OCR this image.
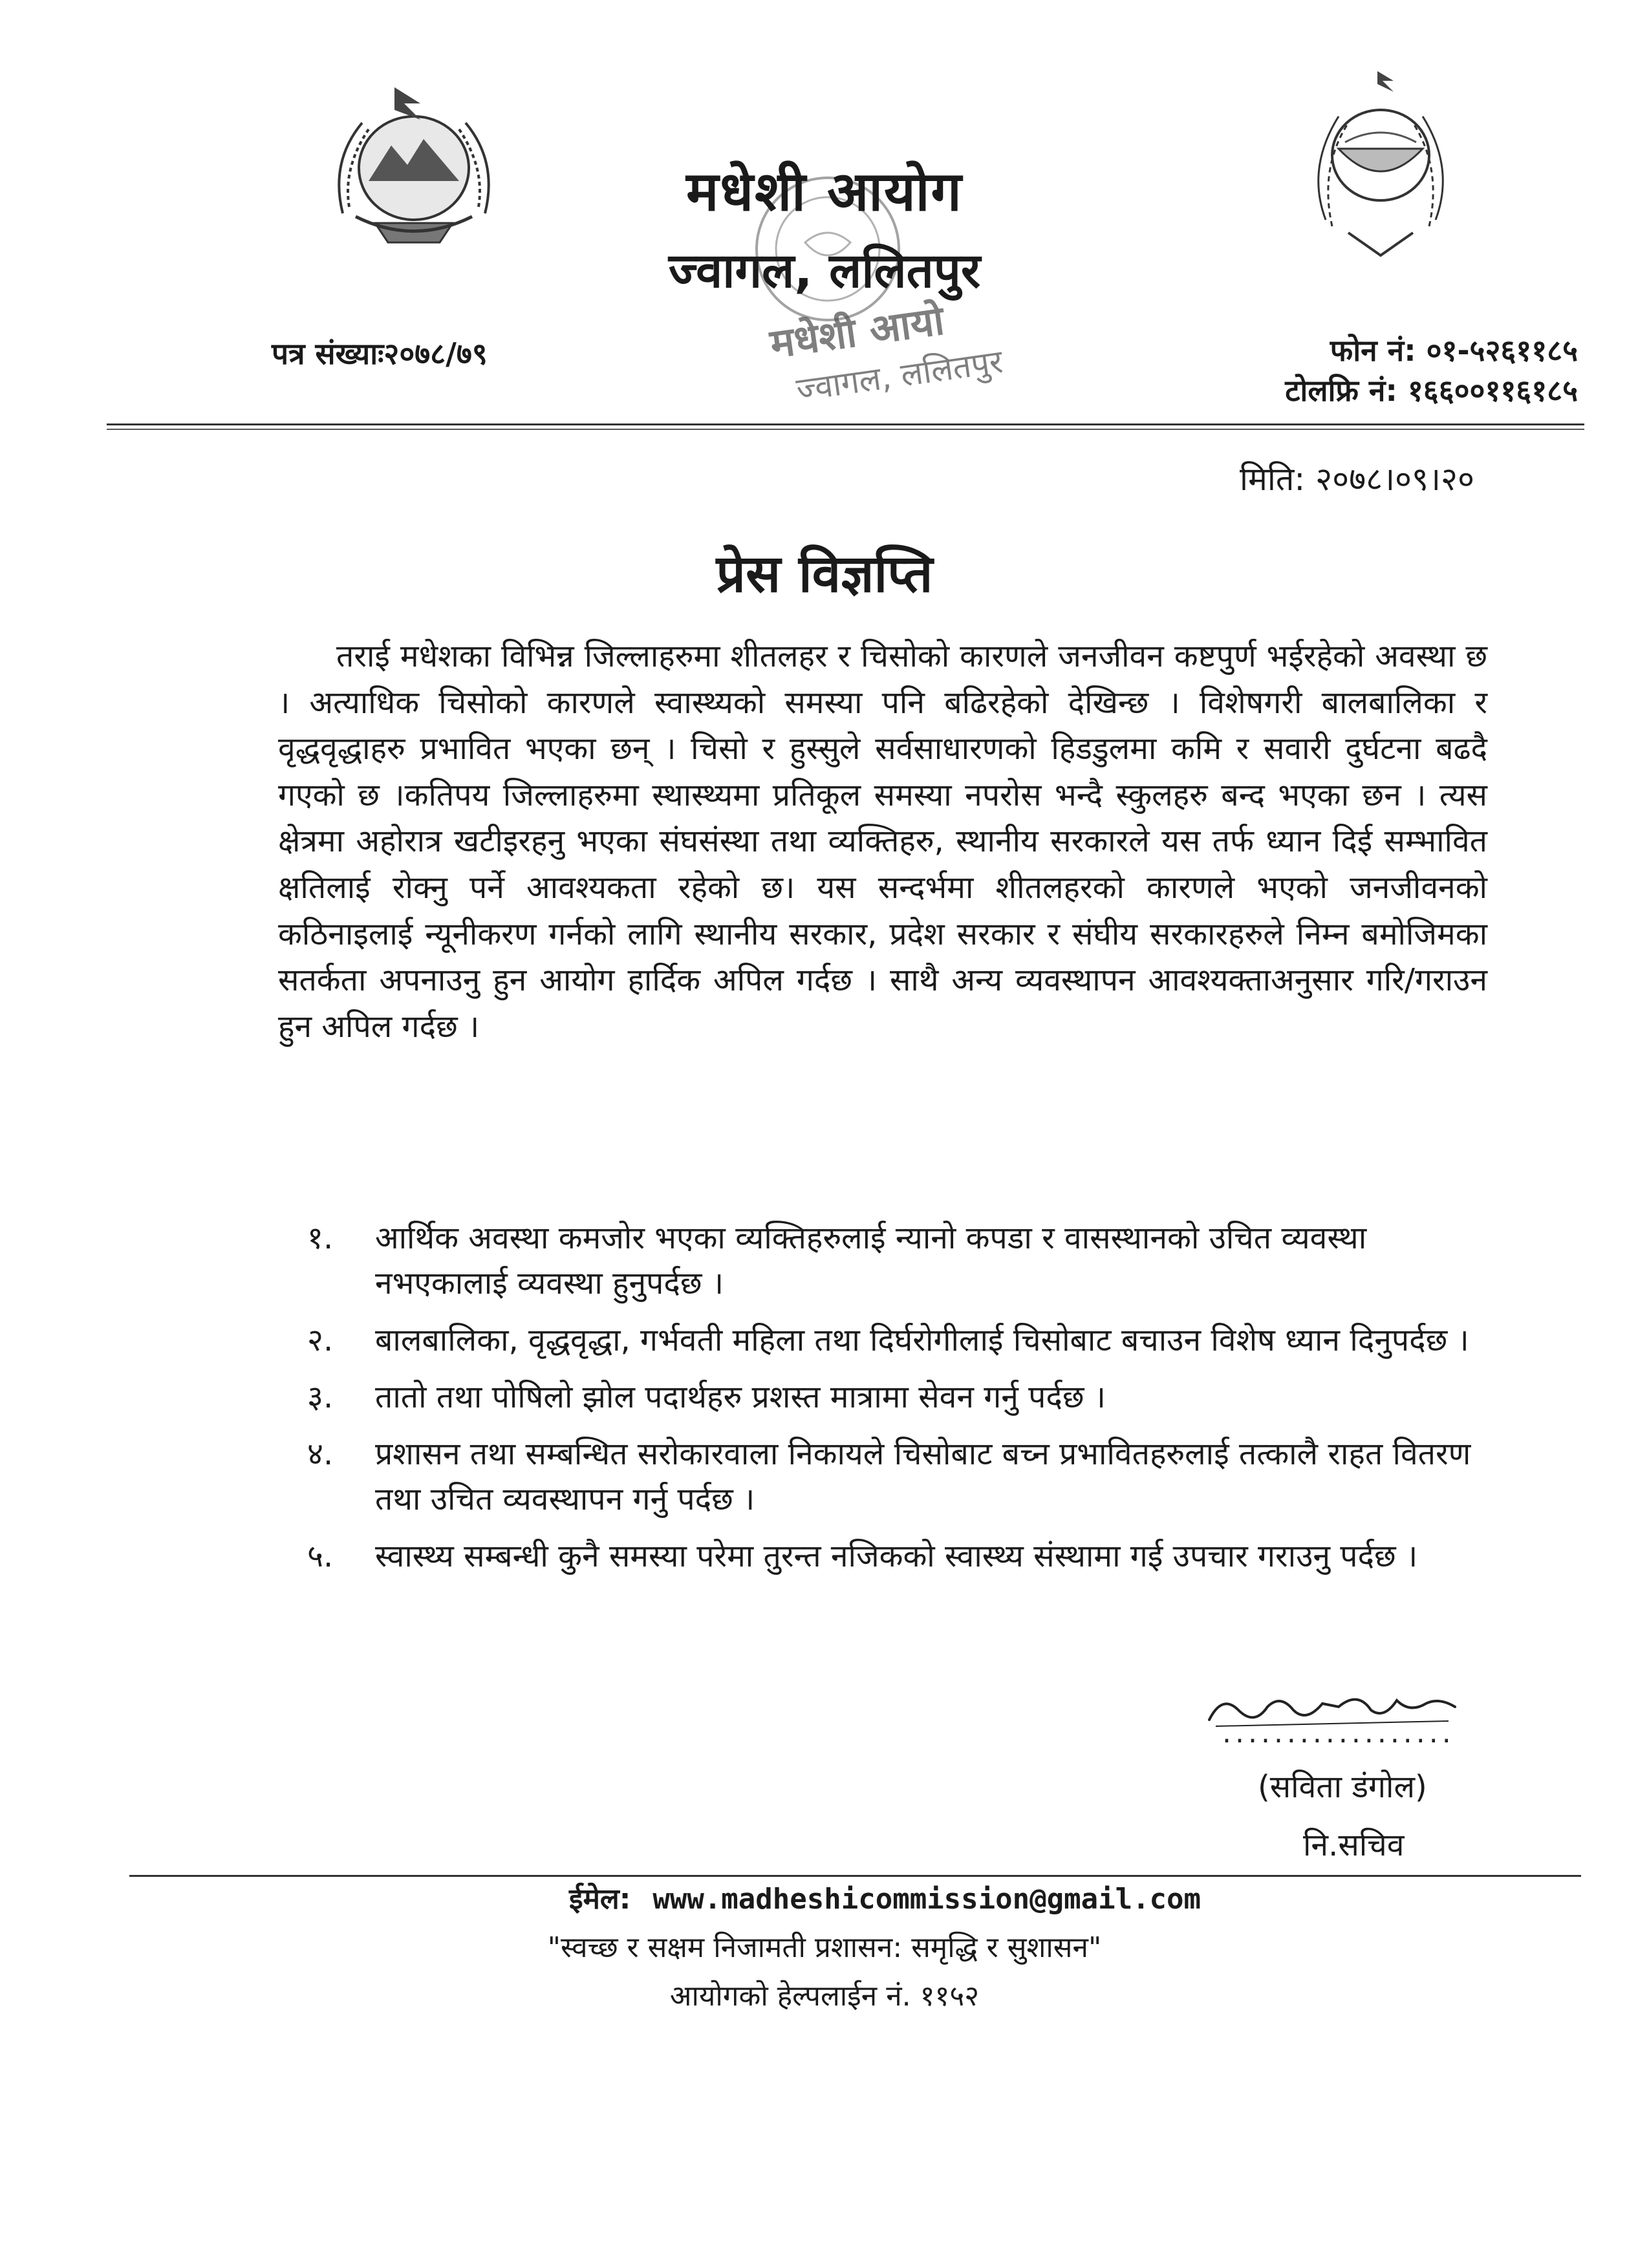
मधेशी आयो
ज्वागल, ललितपुर
मधेशी आयोग
ज्वागल, ललितपुर
पत्र संख्याः२०७८/७९	फोन नं: ०१-५२६११८५
टोलफ्रि नं: १६६००११६१८५
मिति: २०७८।०९।२०
प्रेस विज्ञप्ति

तराई मधेशका विभिन्न जिल्लाहरुमा शीतलहर र चिसोको कारणले जनजीवन कष्टपुर्ण भईरहेको अवस्था छ । अत्याधिक चिसोको कारणले स्वास्थ्यको समस्या पनि बढिरहेको देखिन्छ । विशेषगरी बालबालिका र वृद्धवृद्धाहरु प्रभावित भएका छन् । चिसो र हुस्सुले सर्वसाधारणको हिडडुलमा कमि र सवारी दुर्घटना बढदै गएको छ ।कतिपय जिल्लाहरुमा स्थास्थ्यमा प्रतिकूल समस्या नपरोस भन्दै स्कुलहरु बन्द भएका छन । त्यस क्षेत्रमा अहोरात्र खटीइरहनु भएका संघसंस्था तथा व्यक्तिहरु, स्थानीय सरकारले यस तर्फ ध्यान दिई सम्भावित क्षतिलाई रोक्नु पर्ने आवश्यकता रहेको छ। यस सन्दर्भमा शीतलहरको कारणले भएको जनजीवनको कठिनाइलाई न्यूनीकरण गर्नको लागि स्थानीय सरकार, प्रदेश सरकार र संघीय सरकारहरुले निम्न बमोजिमका सतर्कता अपनाउनु हुन आयोग हार्दिक अपिल गर्दछ । साथै अन्य व्यवस्थापन आवश्यक्ताअनुसार गरि/गराउन हुन अपिल गर्दछ ।

१. आर्थिक अवस्था कमजोर भएका व्यक्तिहरुलाई न्यानो कपडा र वासस्थानको उचित व्यवस्था नभएकालाई व्यवस्था हुनुपर्दछ ।
२. बालबालिका, वृद्धवृद्धा, गर्भवती महिला तथा दिर्घरोगीलाई चिसोबाट बचाउन विशेष ध्यान दिनुपर्दछ ।
३. तातो तथा पोषिलो झोल पदार्थहरु प्रशस्त मात्रामा सेवन गर्नु पर्दछ ।
४. प्रशासन तथा सम्बन्धित सरोकारवाला निकायले चिसोबाट बच्न प्रभावितहरुलाई तत्कालै राहत वितरण तथा उचित व्यवस्थापन गर्नु पर्दछ ।
५. स्वास्थ्य सम्बन्धी कुनै समस्या परेमा तुरन्त नजिकको स्वास्थ्य संस्थामा गई उपचार गराउनु पर्दछ ।
..................
(सविता डंगोल)
नि.सचिव
ईमेल: www.madheshicommission@gmail.com
"स्वच्छ र सक्षम निजामती प्रशासन: समृद्धि र सुशासन"
आयोगको हेल्पलाईन नं. ११५२
